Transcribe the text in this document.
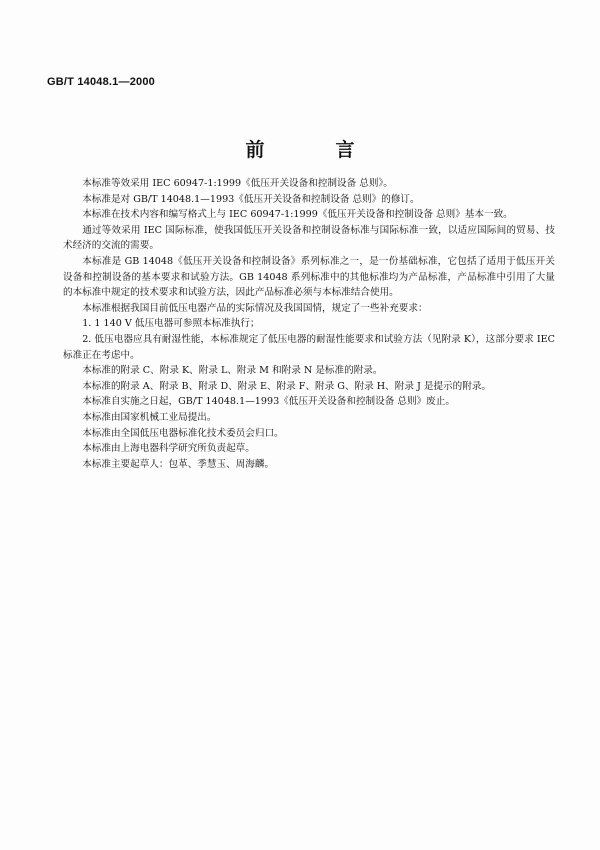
GB/T 14048.1—2000
前　言

本标准等效采用 IEC 60947-1:1999《低压开关设备和控制设备 总则》。

本标准是对 GB/T 14048.1—1993《低压开关设备和控制设备 总则》的修订。

本标准在技术内容和编写格式上与 IEC 60947-1:1999《低压开关设备和控制设备 总则》基本一致。

通过等效采用 IEC 国际标准，使我国低压开关设备和控制设备标准与国际标准一致，以适应国际间的贸易、技术经济的交流的需要。

本标准是 GB 14048《低压开关设备和控制设备》系列标准之一，是一份基础标准，它包括了适用于低压开关设备和控制设备的基本要求和试验方法。GB 14048 系列标准中的其他标准均为产品标准，产品标准中引用了大量的本标准中规定的技术要求和试验方法，因此产品标准必须与本标准结合使用。

本标准根据我国目前低压电器产品的实际情况及我国国情，规定了一些补充要求：

1. 1 140 V 低压电器可参照本标准执行；

2. 低压电器应具有耐湿性能，本标准规定了低压电器的耐湿性能要求和试验方法（见附录 K），这部分要求 IEC 标准正在考虑中。

本标准的附录 C、附录 K、附录 L、附录 M 和附录 N 是标准的附录。

本标准的附录 A、附录 B、附录 D、附录 E、附录 F、附录 G、附录 H、附录 J 是提示的附录。

本标准自实施之日起，GB/T 14048.1—1993《低压开关设备和控制设备 总则》废止。

本标准由国家机械工业局提出。

本标准由全国低压电器标准化技术委员会归口。

本标准由上海电器科学研究所负责起草。

本标准主要起草人：包革、季慧玉、周海麟。
